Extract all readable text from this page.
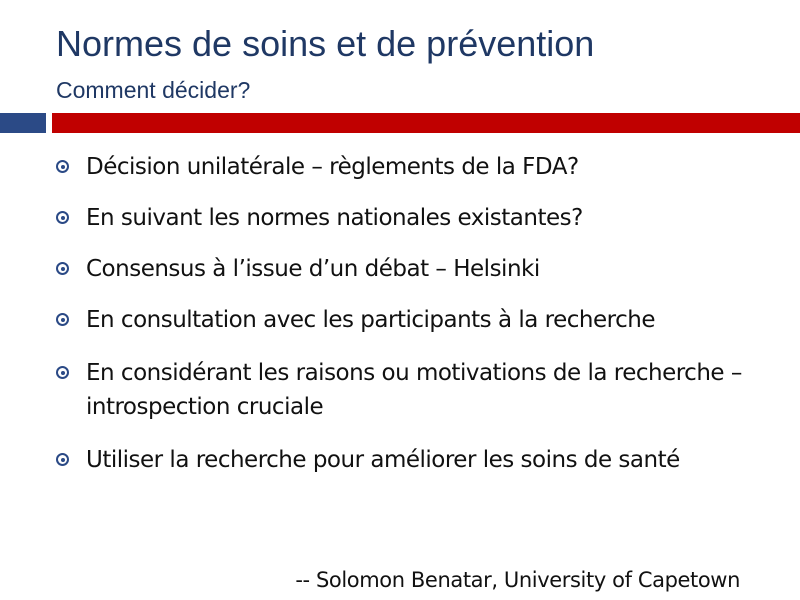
Normes de soins et de prévention
Comment décider?
Décision unilatérale – règlements de la FDA?
En suivant les normes nationales existantes?
Consensus à l’issue d’un débat – Helsinki
En consultation avec les participants à la recherche
En considérant les raisons ou motivations de la recherche – introspection cruciale
Utiliser la recherche pour améliorer les soins de santé

-- Solomon Benatar, University of Capetown
